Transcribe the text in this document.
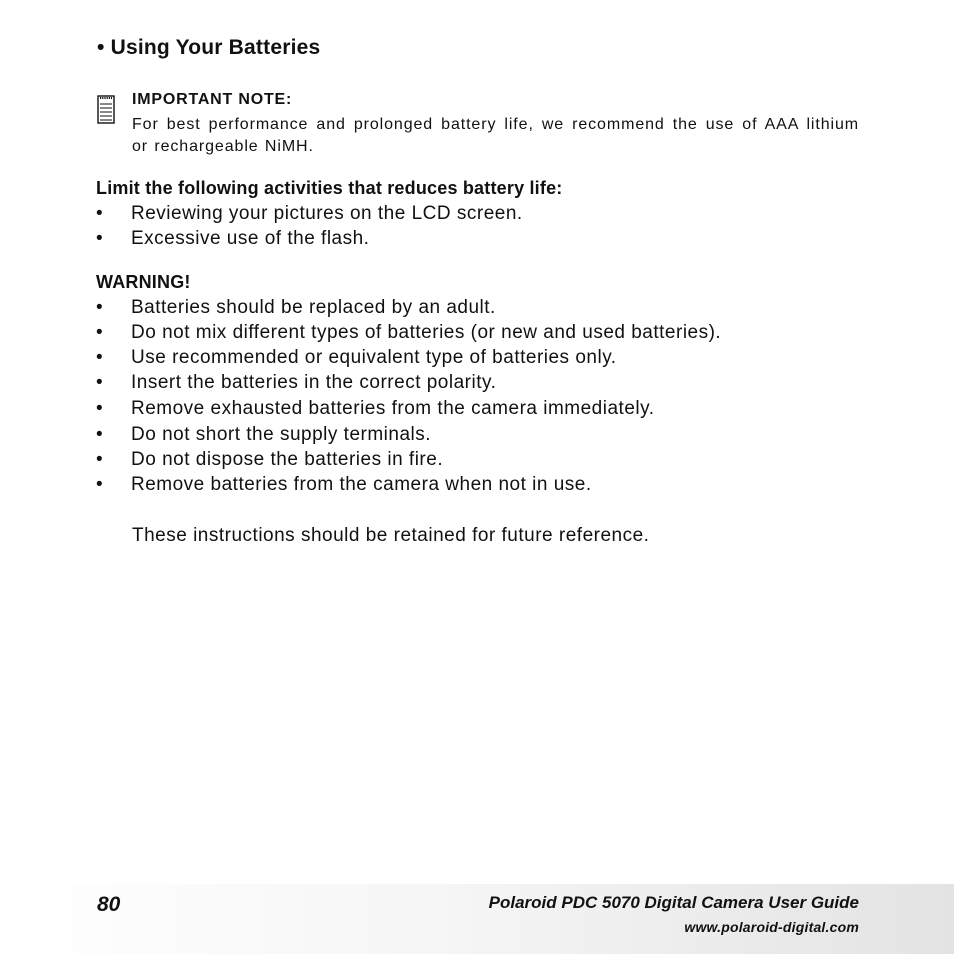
• Using Your Batteries
IMPORTANT NOTE:
For best performance and prolonged battery life, we recommend the use of AAA lithium or rechargeable NiMH.
Limit the following activities that reduces battery life:
• Reviewing your pictures on the LCD screen.
• Excessive use of the flash.
WARNING!
• Batteries should be replaced by an adult.
• Do not mix different types of batteries (or new and used batteries).
• Use recommended or equivalent type of batteries only.
• Insert the batteries in the correct polarity.
• Remove exhausted batteries from the camera immediately.
• Do not short the supply terminals.
• Do not dispose the batteries in fire.
• Remove batteries from the camera when not in use.
These instructions should be retained for future reference.
80	Polaroid PDC 5070 Digital Camera User Guide
www.polaroid-digital.com
